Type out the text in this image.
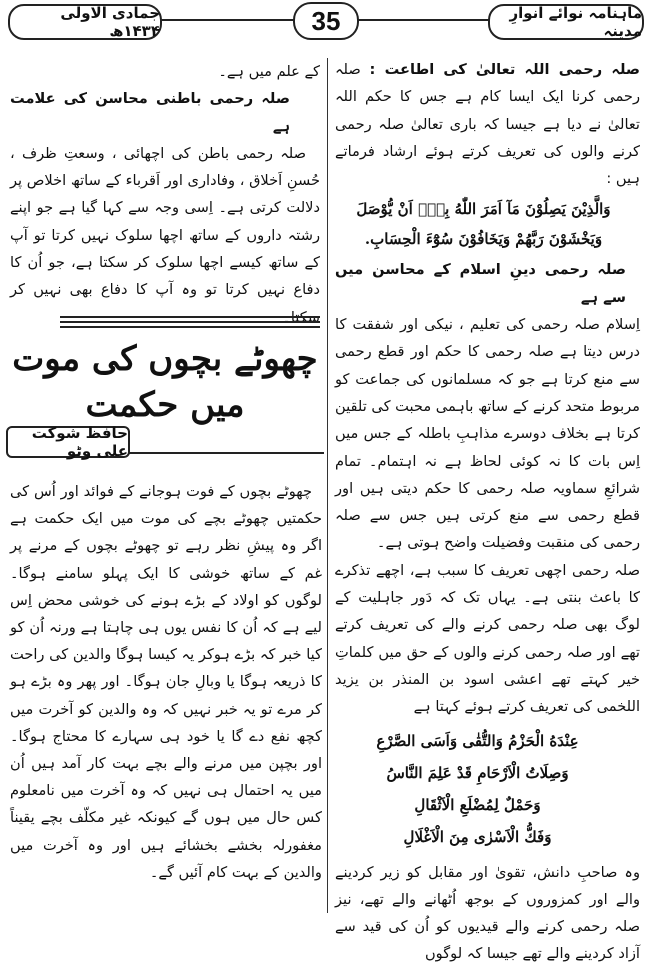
ماہنامہ نوائے انوارِ مدینہ
35
جمادی الاولی ۱۴۳۴ھ

صلہ رحمی اللہ تعالیٰ کی اطاعت : صلہ رحمی کرنا ایک ایسا کام ہے جس کا حکم اللہ تعالیٰ نے دیا ہے جیسا کہ باری تعالیٰ صلہ رحمی کرنے والوں کی تعریف کرتے ہوئے ارشاد فرماتے ہیں :

وَالَّذِيْنَ يَصِلُوْنَ مَآ اَمَرَ اللّٰهُ بِهٖٓ اَنْ يُّوْصَلَ وَيَخْشَوْنَ رَبَّهُمْ وَيَخَافُوْنَ سُوْٓءَ الْحِسَابِ.

صلہ رحمی دینِ اسلام کے محاسن میں سے ہے

اِسلام صلہ رحمی کی تعلیم ، نیکی اور شفقت کا درس دیتا ہے صلہ رحمی کا حکم اور قطع رحمی سے منع کرتا ہے جو کہ مسلمانوں کی جماعت کو مربوط متحد کرنے کے ساتھ باہمی محبت کی تلقین کرتا ہے بخلاف دوسرے مذاہبِ باطلہ کے جس میں اِس بات کا نہ کوئی لحاظ ہے نہ اہتمام۔ تمام شرائعِ سماویہ صلہ رحمی کا حکم دیتی ہیں اور قطع رحمی سے منع کرتی ہیں جس سے صلہ رحمی کی منقبت وفضیلت واضح ہوتی ہے۔

صلہ رحمی اچھی تعریف کا سبب ہے، اچھے تذکرے کا باعث بنتی ہے۔ یہاں تک کہ دَور جاہلیت کے لوگ بھی صلہ رحمی کرنے والے کی تعریف کرتے تھے اور صلہ رحمی کرنے والوں کے حق میں کلماتِ خیر کہتے تھے اعشی اسود بن المنذر بن یزید اللخمی کی تعریف کرتے ہوئے کہتا ہے

عِنْدَهُ الْحَزْمُ وَالتُّقٰى وَاَسَى الصَّرْعِ

وَصِلَاتُ الْاَرْحَامِ قَدْ عَلِمَ النَّاسُ

وَحَمْلٌ لِمُضْلَعِ الْاَثْقَالِ

وَفَكُّ الْاَسْرٰى مِنَ الْاَغْلَالِ

وہ صاحبِ دانش، تقویٰ اور مقابل کو زیر کردینے والے اور کمزوروں کے بوجھ اُٹھانے والے تھے، نیز صلہ رحمی کرنے والے قیدیوں کو اُن کی قید سے آزاد کردینے والے تھے جیسا کہ لوگوں

کے علم میں ہے۔

صلہ رحمی باطنی محاسن کی علامت ہے

صلہ رحمی باطن کی اچھائی ، وسعتِ ظرف ، حُسنِ اَخلاق ، وفاداری اور اَقرباء کے ساتھ اخلاص پر دلالت کرتی ہے۔ اِسی وجہ سے کہا گیا ہے جو اپنے رشتہ داروں کے ساتھ اچھا سلوک نہیں کرتا تو آپ کے ساتھ کیسے اچھا سلوک کر سکتا ہے، جو اُن کا دفاع نہیں کرتا تو وہ آپ کا دفاع بھی نہیں کر

چھوٹے بچوں کی موت میں حکمت
حافظ شوکت علی وٹو

چھوٹے بچوں کے فوت ہوجانے کے فوائد اور اُس کی حکمتیں چھوٹے بچے کی موت میں ایک حکمت ہے اگر وہ پیشِ نظر رہے تو چھوٹے بچوں کے مرنے پر غم کے ساتھ خوشی کا ایک پہلو سامنے ہوگا۔ لوگوں کو اولاد کے بڑے ہونے کی خوشی محض اِس لیے ہے کہ اُن کا نفس یوں ہی چاہتا ہے ورنہ اُن کو کیا خبر کہ بڑے ہوکر یہ کیسا ہوگا والدین کی راحت کا ذریعہ ہوگا یا وبالِ جان ہوگا۔ اور پھر وہ بڑے ہو کر مرے تو یہ خبر نہیں کہ وہ والدین کو آخرت میں کچھ نفع دے گا یا خود ہی سہارے کا محتاج ہوگا۔ اور بچپن میں مرنے والے بچے بہت کار آمد ہیں اُن میں یہ احتمال ہی نہیں کہ وہ آخرت میں نامعلوم کس حال میں ہوں گے کیونکہ غیر مکلّف بچے یقیناً مغفورلہ بخشے بخشائے ہیں اور وہ آخرت میں والدین کے بہت کام آئیں گے۔
